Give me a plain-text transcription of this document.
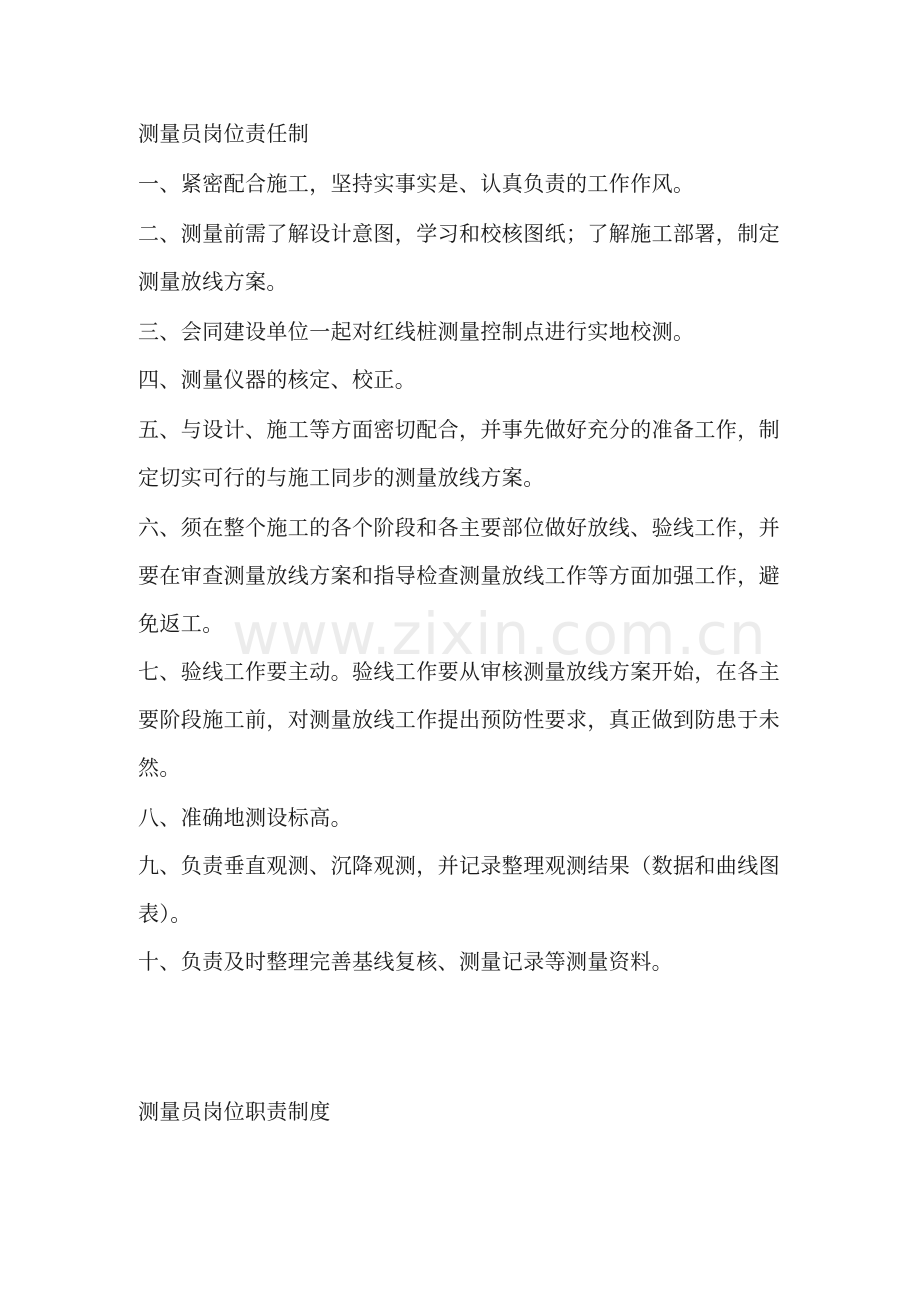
测量员岗位责任制
一、紧密配合施工，坚持实事实是、认真负责的工作作风。
二、测量前需了解设计意图，学习和校核图纸；了解施工部署，制定
测量放线方案。
三、会同建设单位一起对红线桩测量控制点进行实地校测。
四、测量仪器的核定、校正。
五、与设计、施工等方面密切配合，并事先做好充分的准备工作，制
定切实可行的与施工同步的测量放线方案。
六、须在整个施工的各个阶段和各主要部位做好放线、验线工作，并
要在审查测量放线方案和指导检查测量放线工作等方面加强工作，避
免返工。
七、验线工作要主动。验线工作要从审核测量放线方案开始，在各主
要阶段施工前，对测量放线工作提出预防性要求，真正做到防患于未
然。
八、准确地测设标高。
九、负责垂直观测、沉降观测，并记录整理观测结果（数据和曲线图
表）。
十、负责及时整理完善基线复核、测量记录等测量资料。
测量员岗位职责制度
www.zixin.com.cn
